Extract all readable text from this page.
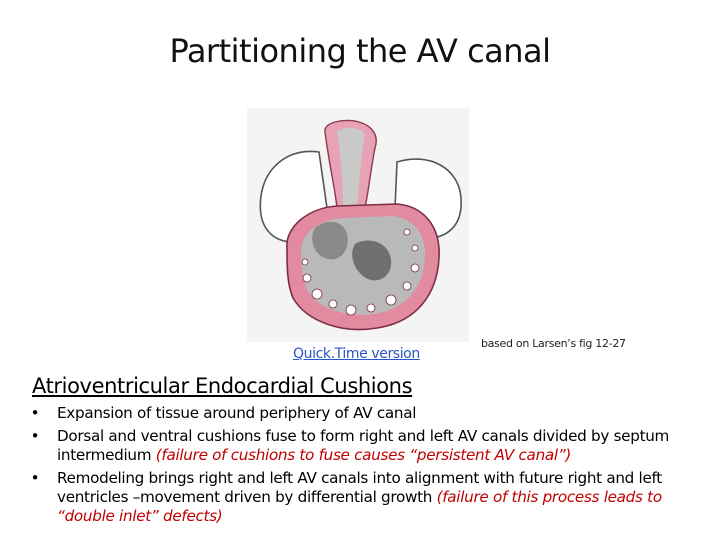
Partitioning the AV canal
Quick.Time version
based on Larsen’s fig 12-27
Atrioventricular Endocardial Cushions
• Expansion of tissue around periphery of AV canal
• Dorsal and ventral cushions fuse to form right and left AV canals divided by septum intermedium (failure of cushions to fuse causes “persistent AV canal”)
• Remodeling brings right and left AV canals into alignment with future right and left ventricles –movement driven by differential growth (failure of this process leads to “double inlet” defects)
